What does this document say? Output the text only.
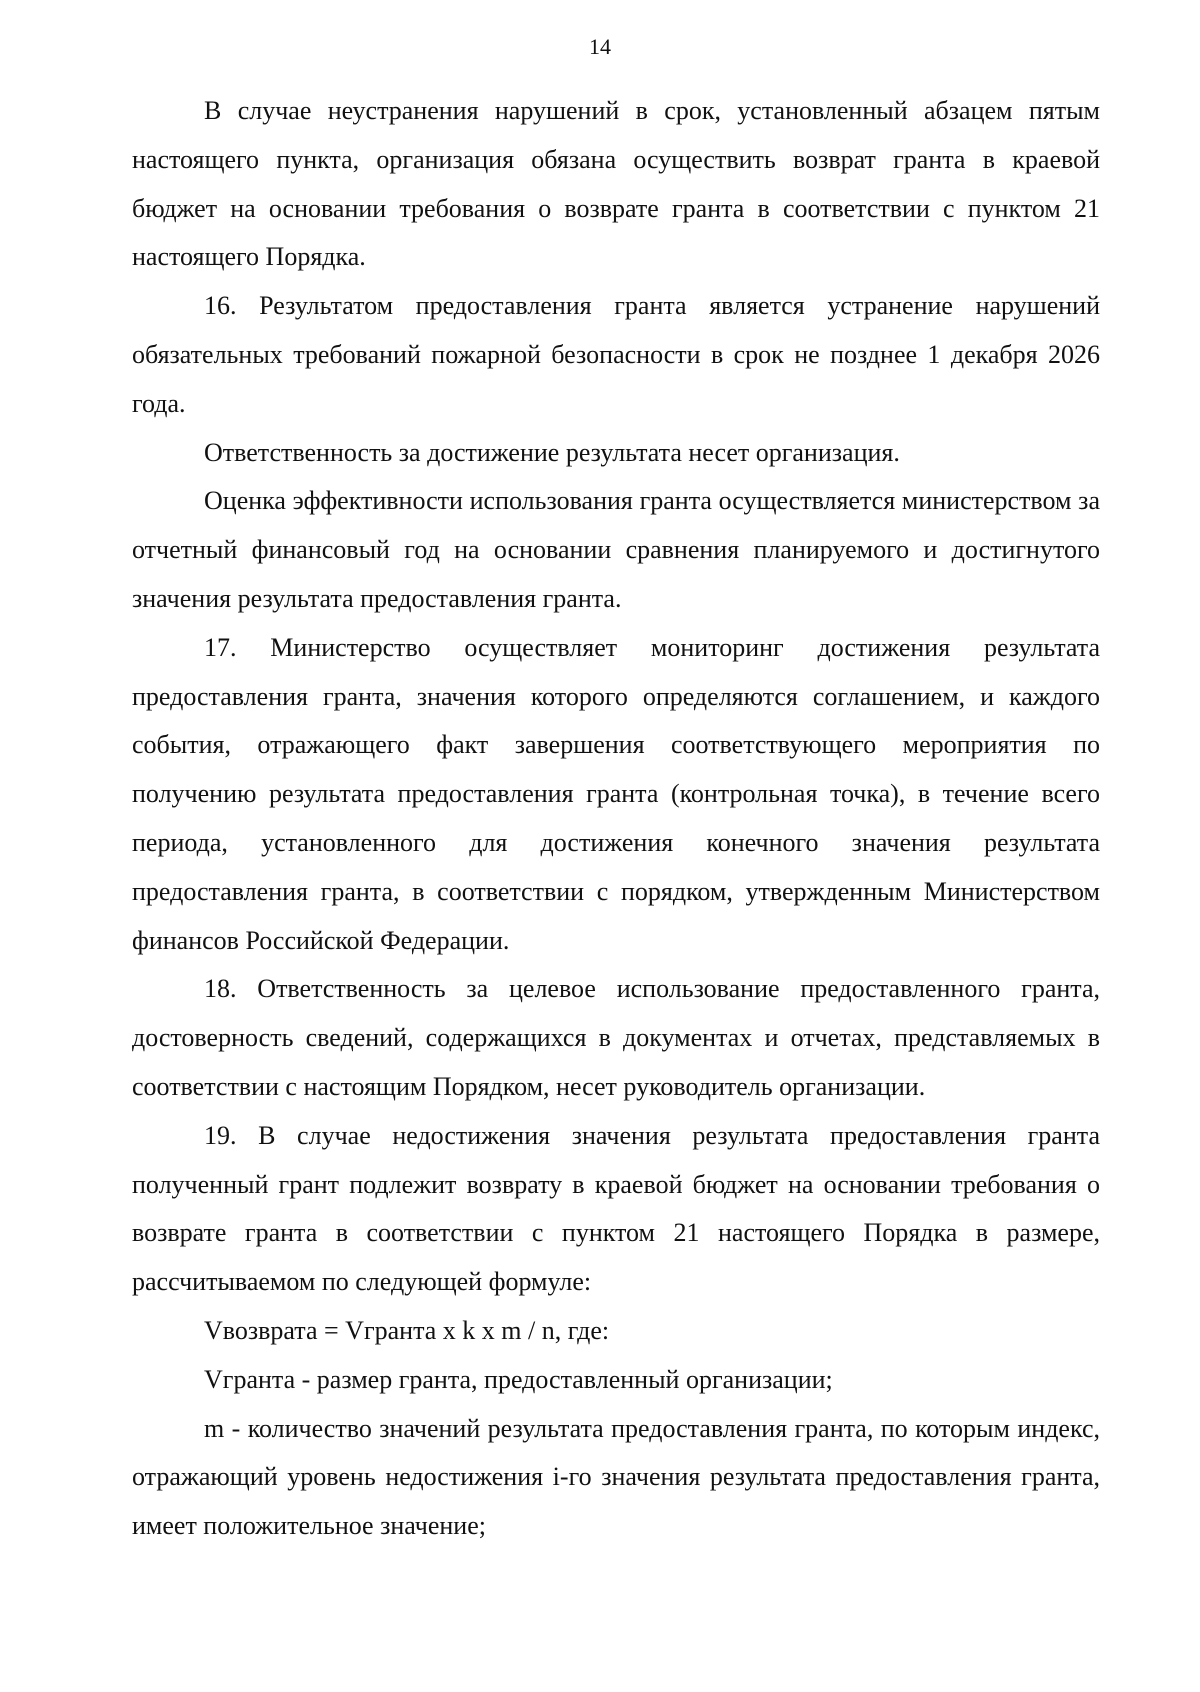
14

В случае неустранения нарушений в срок, установленный абзацем пятым настоящего пункта, организация обязана осуществить возврат гранта в краевой бюджет на основании требования о возврате гранта в соответствии с пунктом 21 настоящего Порядка.

16. Результатом предоставления гранта является устранение нарушений обязательных требований пожарной безопасности в срок не позднее 1 декабря 2026 года.

Ответственность за достижение результата несет организация.

Оценка эффективности использования гранта осуществляется министерством за отчетный финансовый год на основании сравнения планируемого и достигнутого значения результата предоставления гранта.

17. Министерство осуществляет мониторинг достижения результата предоставления гранта, значения которого определяются соглашением, и каждого события, отражающего факт завершения соответствующего мероприятия по получению результата предоставления гранта (контрольная точка), в течение всего периода, установленного для достижения конечного значения результата предоставления гранта, в соответствии с порядком, утвержденным Министерством финансов Российской Федерации.

18. Ответственность за целевое использование предоставленного гранта, достоверность сведений, содержащихся в документах и отчетах, представляемых в соответствии с настоящим Порядком, несет руководитель организации.

19. В случае недостижения значения результата предоставления гранта полученный грант подлежит возврату в краевой бюджет на основании требования о возврате гранта в соответствии с пунктом 21 настоящего Порядка в размере, рассчитываемом по следующей формуле:

Vвозврата = Vгранта x k x m / n, где:

Vгранта - размер гранта, предоставленный организации;

m - количество значений результата предоставления гранта, по которым индекс, отражающий уровень недостижения i-го значения результата предоставления гранта, имеет положительное значение;
